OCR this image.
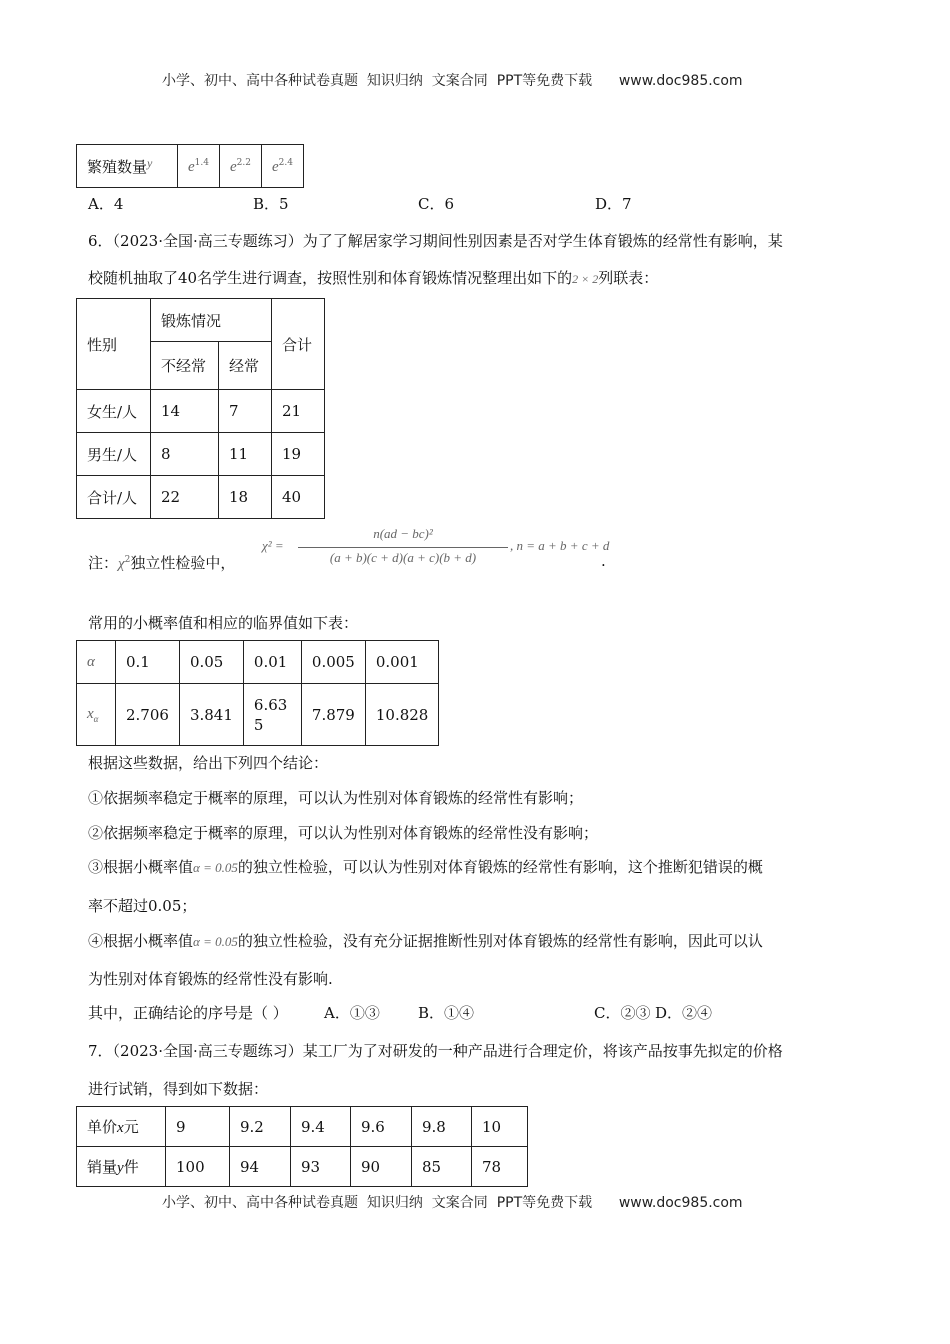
小学、初中、高中各种试卷真题  知识归纳  文案合同  PPT等免费下载      www.doc985.com
繁殖数量$^y$	$e^{1.4}$	$e^{2.2}$	$e^{2.4}$
A．4	B．5	C．6	D．7
6．（2023·全国·高三专题练习）为了了解居家学习期间性别因素是否对学生体育锻炼的经常性有影响，某
校随机抽取了40名学生进行调查，按照性别和体育锻炼情况整理出如下的2 × 2列联表：
性别	锻炼情况		合计
	不经常	经常	
女生/人	14	7	21
男生/人	8	11	19
合计/人	22	18	40
注：$\chi^2$独立性检验中，
χ² =
n(ad − bc)²
(a + b)(c + d)(a + c)(b + d)
, n = a + b + c + d
.
常用的小概率值和相应的临界值如下表：
α	0.1	0.05	0.01	0.005	0.001
$x_\alpha$	2.706	3.841	6.635	7.879	10.828
根据这些数据，给出下列四个结论：
①依据频率稳定于概率的原理，可以认为性别对体育锻炼的经常性有影响；
②依据频率稳定于概率的原理，可以认为性别对体育锻炼的经常性没有影响；
③根据小概率值α = 0.05的独立性检验，可以认为性别对体育锻炼的经常性有影响，这个推断犯错误的概
率不超过0.05；
④根据小概率值α = 0.05的独立性检验，没有充分证据推断性别对体育锻炼的经常性有影响，因此可以认
为性别对体育锻炼的经常性没有影响.
其中，正确结论的序号是（ ） A．①③	B．①④	C．②③ D．②④
7．（2023·全国·高三专题练习）某工厂为了对研发的一种产品进行合理定价，将该产品按事先拟定的价格
进行试销，得到如下数据：
单价x元	9	9.2	9.4	9.6	9.8	10
销量y件	100	94	93	90	85	78
小学、初中、高中各种试卷真题  知识归纳  文案合同  PPT等免费下载      www.doc985.com
